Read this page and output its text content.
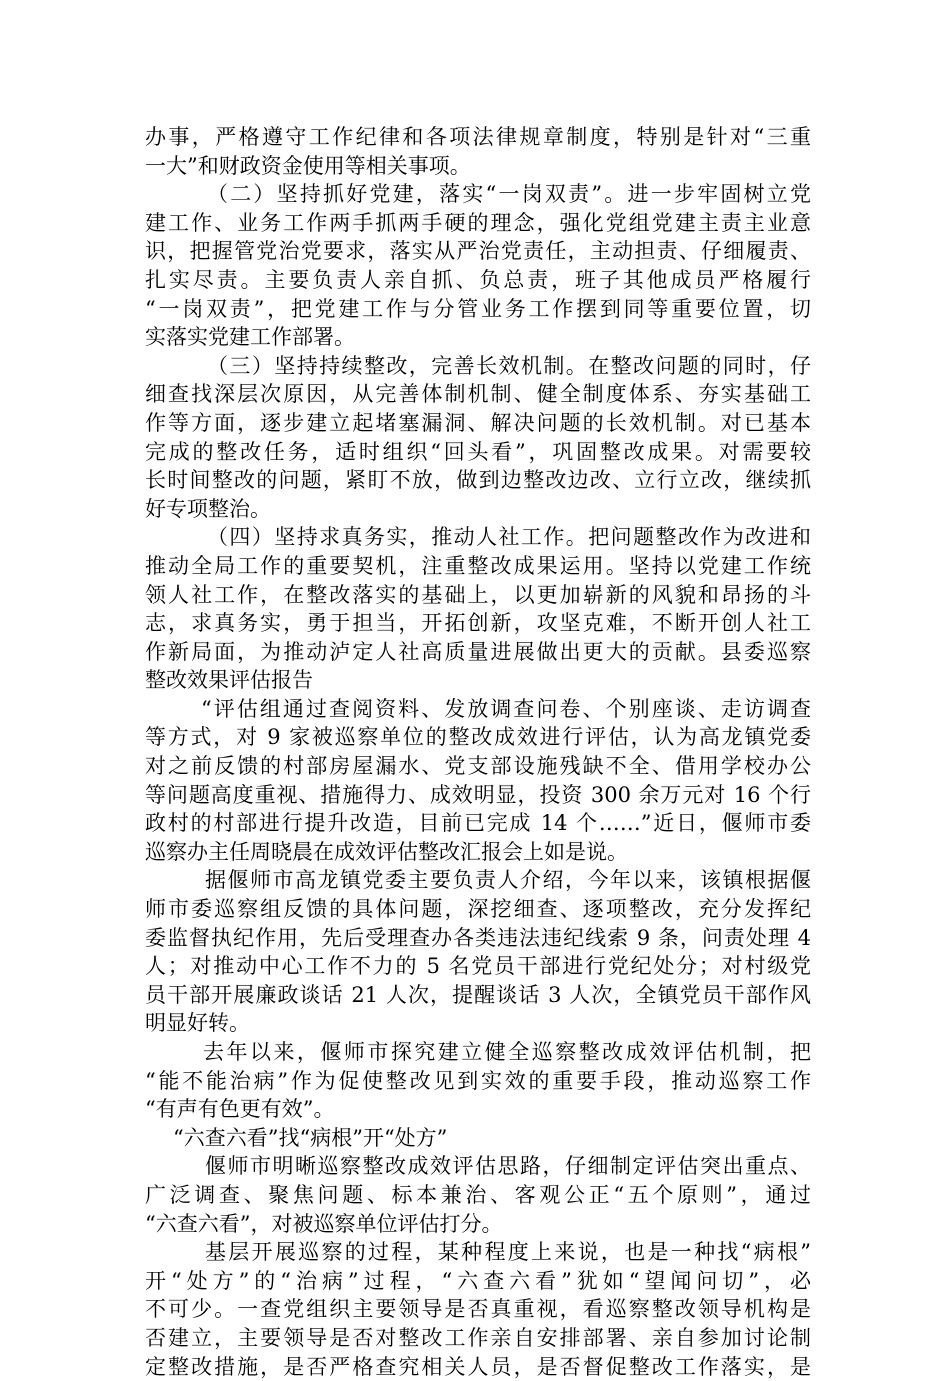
办事，严格遵守工作纪律和各项法律规章制度，特别是针对“三重
一大”和财政资金使用等相关事项。
（二）坚持抓好党建，落实“一岗双责”。进一步牢固树立党
建工作、业务工作两手抓两手硬的理念，强化党组党建主责主业意
识，把握管党治党要求，落实从严治党责任，主动担责、仔细履责、
扎实尽责。主要负责人亲自抓、负总责，班子其他成员严格履行
“一岗双责”，把党建工作与分管业务工作摆到同等重要位置，切
实落实党建工作部署。
（三）坚持持续整改，完善长效机制。在整改问题的同时，仔
细查找深层次原因，从完善体制机制、健全制度体系、夯实基础工
作等方面，逐步建立起堵塞漏洞、解决问题的长效机制。对已基本
完成的整改任务，适时组织“回头看”，巩固整改成果。对需要较
长时间整改的问题，紧盯不放，做到边整改边改、立行立改，继续抓
好专项整治。
（四）坚持求真务实，推动人社工作。把问题整改作为改进和
推动全局工作的重要契机，注重整改成果运用。坚持以党建工作统
领人社工作，在整改落实的基础上，以更加崭新的风貌和昂扬的斗
志，求真务实，勇于担当，开拓创新，攻坚克难，不断开创人社工
作新局面，为推动泸定人社高质量进展做出更大的贡献。县委巡察
整改效果评估报告
“评估组通过查阅资料、发放调查问卷、个别座谈、走访调查
等方式，对 9 家被巡察单位的整改成效进行评估，认为高龙镇党委
对之前反馈的村部房屋漏水、党支部设施残缺不全、借用学校办公
等问题高度重视、措施得力、成效明显，投资 300 余万元对 16 个行
政村的村部进行提升改造，目前已完成 14 个……”近日，偃师市委
巡察办主任周晓晨在成效评估整改汇报会上如是说。
据偃师市高龙镇党委主要负责人介绍，今年以来，该镇根据偃
师市委巡察组反馈的具体问题，深挖细查、逐项整改，充分发挥纪
委监督执纪作用，先后受理查办各类违法违纪线索 9 条，问责处理 4
人；对推动中心工作不力的 5 名党员干部进行党纪处分；对村级党
员干部开展廉政谈话 21 人次，提醒谈话 3 人次，全镇党员干部作风
明显好转。
去年以来，偃师市探究建立健全巡察整改成效评估机制，把
“能不能治病”作为促使整改见到实效的重要手段，推动巡察工作
“有声有色更有效”。
“六查六看”找“病根”开“处方”
偃师市明晰巡察整改成效评估思路，仔细制定评估突出重点、
广泛调查、聚焦问题、标本兼治、客观公正“五个原则”，通过
“六查六看”，对被巡察单位评估打分。
基层开展巡察的过程，某种程度上来说，也是一种找“病根”
开“处方”的“治病”过程，“六查六看”犹如“望闻问切”，必
不可少。一查党组织主要领导是否真重视，看巡察整改领导机构是
否建立，主要领导是否对整改工作亲自安排部署、亲自参加讨论制
定整改措施，是否严格查究相关人员，是否督促整改工作落实，是
